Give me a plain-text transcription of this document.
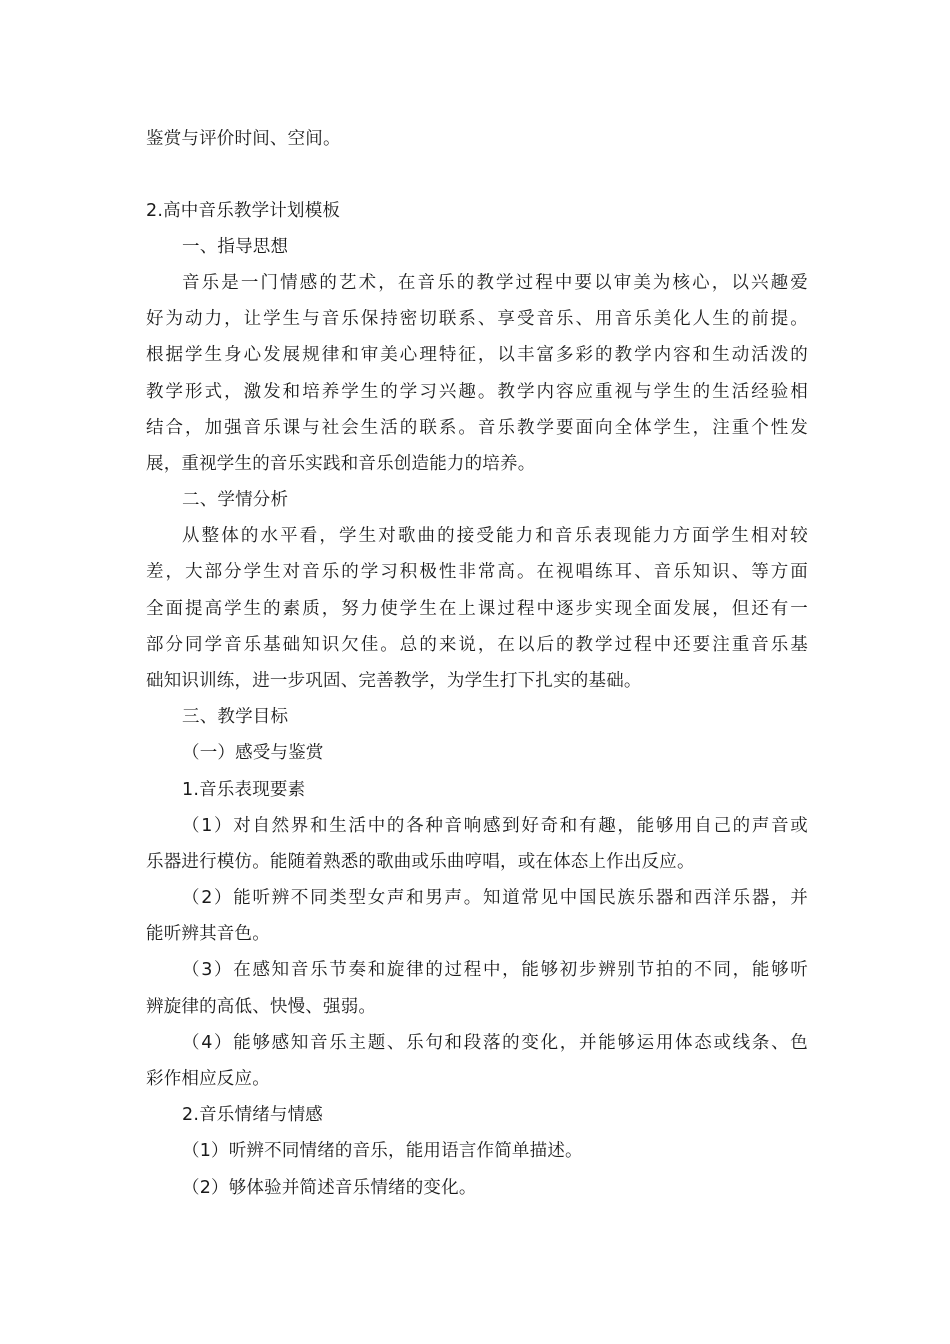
鉴赏与评价时间、空间。
2.高中音乐教学计划模板
一、指导思想
音乐是一门情感的艺术，在音乐的教学过程中要以审美为核心，以兴趣爱
好为动力，让学生与音乐保持密切联系、享受音乐、用音乐美化人生的前提。
根据学生身心发展规律和审美心理特征，以丰富多彩的教学内容和生动活泼的
教学形式，激发和培养学生的学习兴趣。教学内容应重视与学生的生活经验相
结合，加强音乐课与社会生活的联系。音乐教学要面向全体学生，注重个性发
展，重视学生的音乐实践和音乐创造能力的培养。
二、学情分析
从整体的水平看，学生对歌曲的接受能力和音乐表现能力方面学生相对较
差，大部分学生对音乐的学习积极性非常高。在视唱练耳、音乐知识、等方面
全面提高学生的素质，努力使学生在上课过程中逐步实现全面发展，但还有一
部分同学音乐基础知识欠佳。总的来说，在以后的教学过程中还要注重音乐基
础知识训练，进一步巩固、完善教学，为学生打下扎实的基础。
三、教学目标
（一）感受与鉴赏
1.音乐表现要素
（1）对自然界和生活中的各种音响感到好奇和有趣，能够用自己的声音或
乐器进行模仿。能随着熟悉的歌曲或乐曲哼唱，或在体态上作出反应。
（2）能听辨不同类型女声和男声。知道常见中国民族乐器和西洋乐器，并
能听辨其音色。
（3）在感知音乐节奏和旋律的过程中，能够初步辨别节拍的不同，能够听
辨旋律的高低、快慢、强弱。
（4）能够感知音乐主题、乐句和段落的变化，并能够运用体态或线条、色
彩作相应反应。
2.音乐情绪与情感
（1）听辨不同情绪的音乐，能用语言作简单描述。
（2）够体验并简述音乐情绪的变化。
